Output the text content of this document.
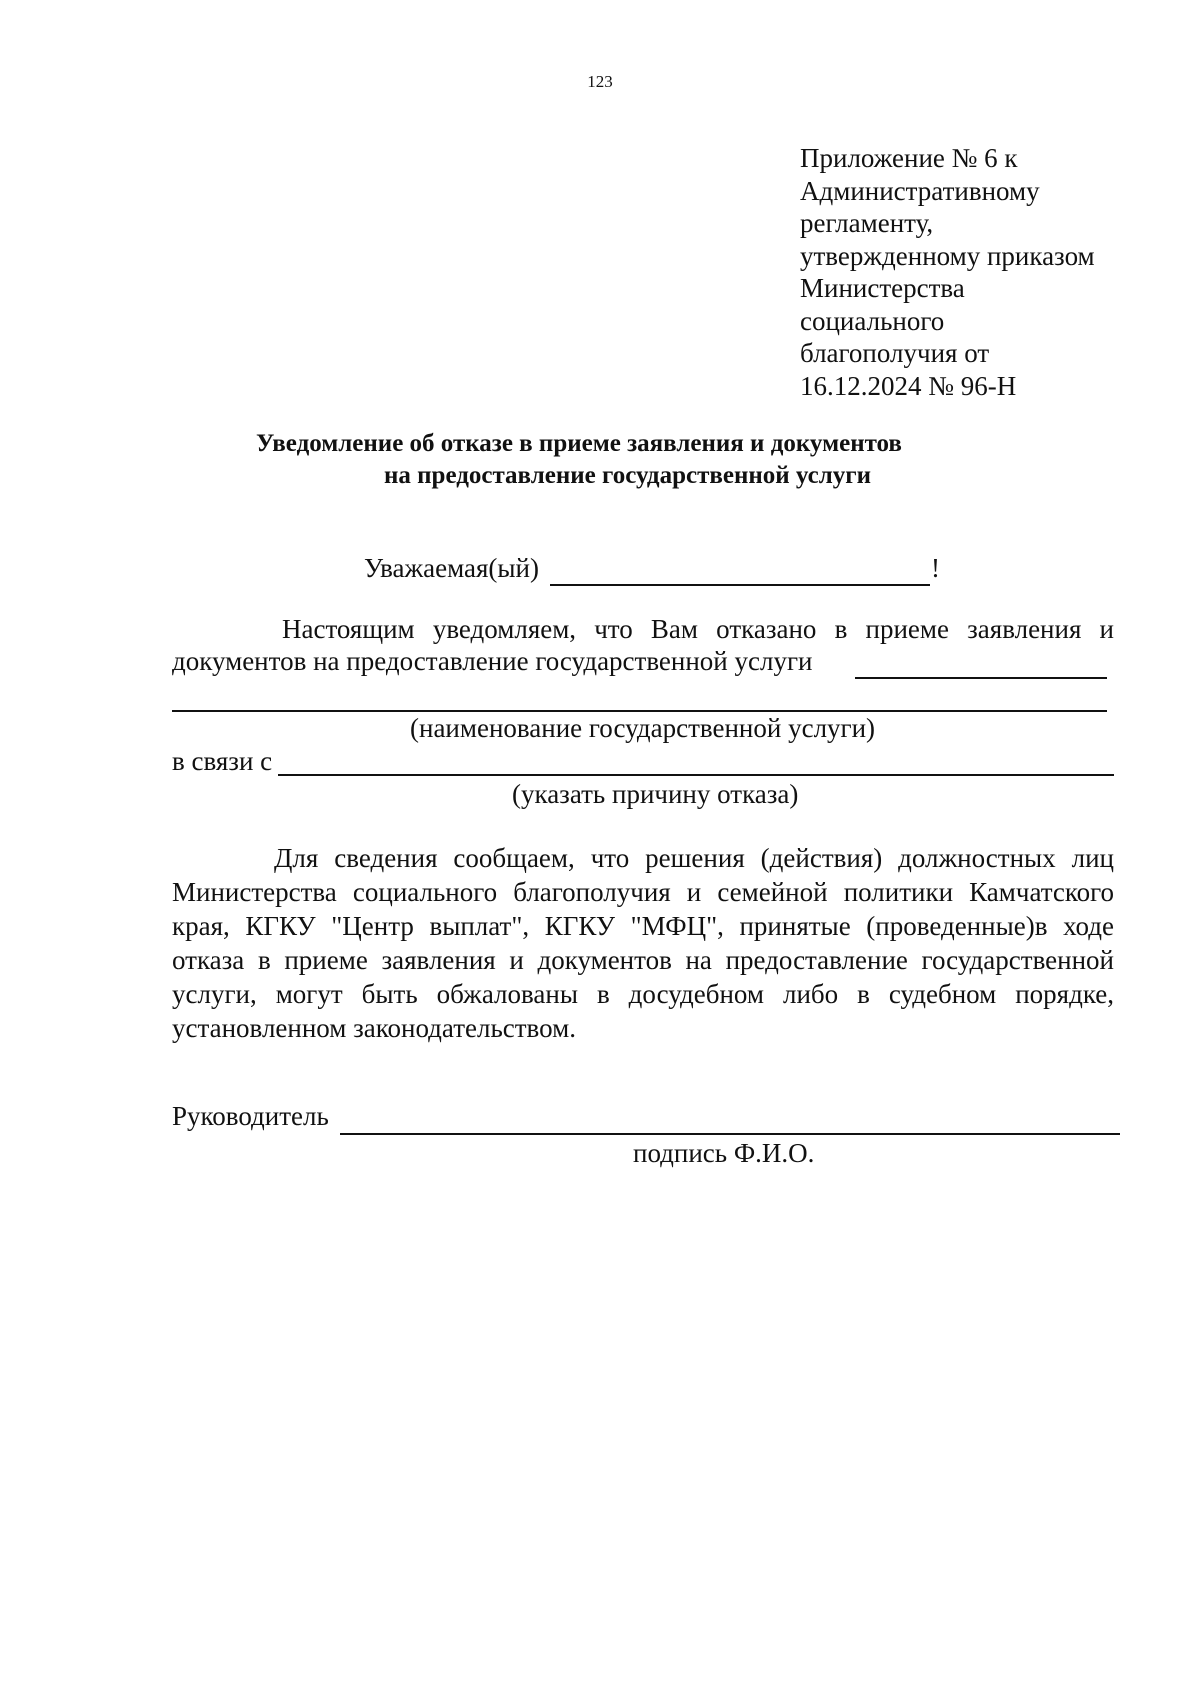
123
Приложение № 6 к
Административному
регламенту,
утвержденному приказом
Министерства
социального
благополучия от
16.12.2024 № 96-Н
Уведомление об отказе в приеме заявления и документов
на предоставление государственной услуги
Уважаемая(ый)	!
Настоящим уведомляем, что Вам отказано в приеме заявления и
документов на предоставление государственной услуги
(наименование государственной услуги)
в связи с
(указать причину отказа)
Для сведения сообщаем, что решения (действия) должностных лиц
Министерства социального благополучия и семейной политики Камчатского
края, КГКУ "Центр выплат", КГКУ "МФЦ", принятые (проведенные)в ходе
отказа в приеме заявления и документов на предоставление государственной
услуги, могут быть обжалованы в досудебном либо в судебном порядке,
установленном законодательством.
Руководитель
подпись Ф.И.О.
